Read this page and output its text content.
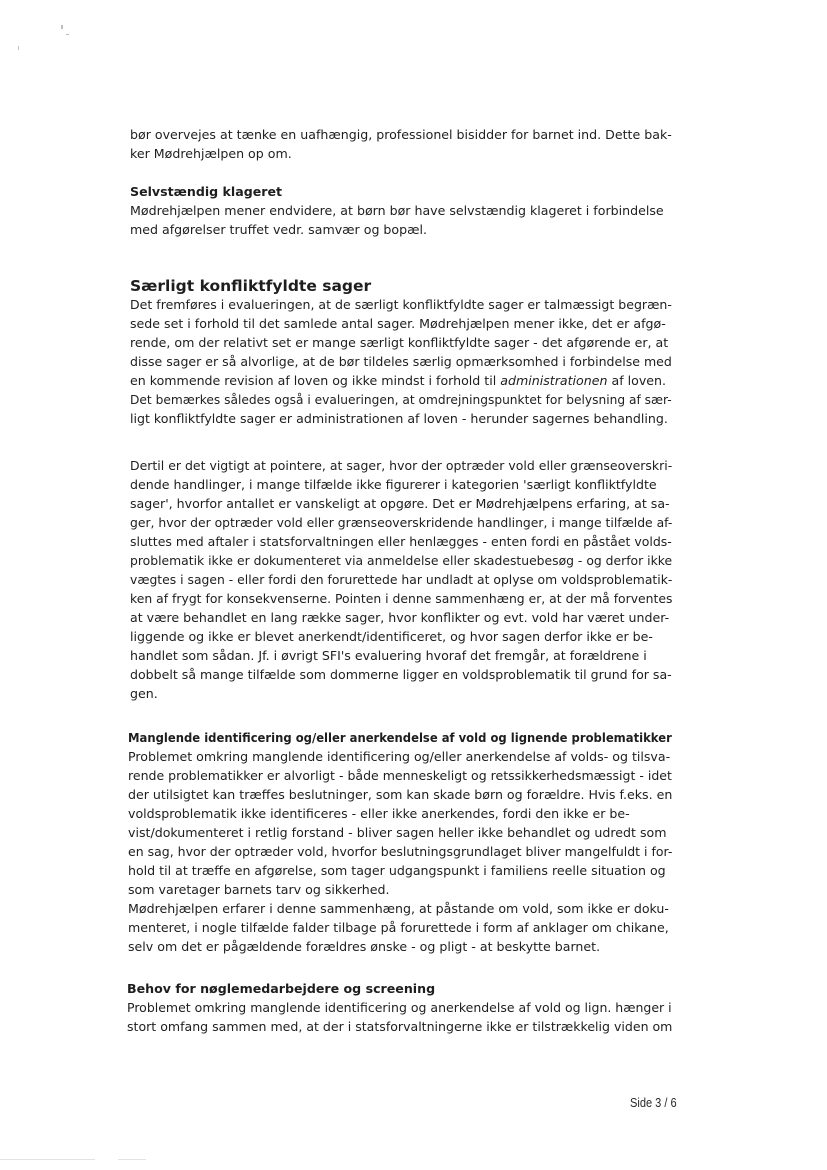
bør overvejes at tænke en uafhængig, professionel bisidder for barnet ind. Dette bak-
ker Mødrehjælpen op om.
Selvstændig klageret
Mødrehjælpen mener endvidere, at børn bør have selvstændig klageret i forbindelse
med afgørelser truffet vedr. samvær og bopæl.
Særligt konfliktfyldte sager
Det fremføres i evalueringen, at de særligt konfliktfyldte sager er talmæssigt begræn-
sede set i forhold til det samlede antal sager. Mødrehjælpen mener ikke, det er afgø-
rende, om der relativt set er mange særligt konfliktfyldte sager - det afgørende er, at
disse sager er så alvorlige, at de bør tildeles særlig opmærksomhed i forbindelse med
en kommende revision af loven og ikke mindst i forhold til administrationen af loven.
Det bemærkes således også i evalueringen, at omdrejningspunktet for belysning af sær-
ligt konfliktfyldte sager er administrationen af loven - herunder sagernes behandling.
Dertil er det vigtigt at pointere, at sager, hvor der optræder vold eller grænseoverskri-
dende handlinger, i mange tilfælde ikke figurerer i kategorien 'særligt konfliktfyldte
sager', hvorfor antallet er vanskeligt at opgøre. Det er Mødrehjælpens erfaring, at sa-
ger, hvor der optræder vold eller grænseoverskridende handlinger, i mange tilfælde af-
sluttes med aftaler i statsforvaltningen eller henlægges - enten fordi en påstået volds-
problematik ikke er dokumenteret via anmeldelse eller skadestuebesøg - og derfor ikke
vægtes i sagen - eller fordi den forurettede har undladt at oplyse om voldsproblematik-
ken af frygt for konsekvenserne. Pointen i denne sammenhæng er, at der må forventes
at være behandlet en lang række sager, hvor konflikter og evt. vold har været under-
liggende og ikke er blevet anerkendt/identificeret, og hvor sagen derfor ikke er be-
handlet som sådan. Jf. i øvrigt SFI's evaluering hvoraf det fremgår, at forældrene i
dobbelt så mange tilfælde som dommerne ligger en voldsproblematik til grund for sa-
gen.
Manglende identificering og/eller anerkendelse af vold og lignende problematikker
Problemet omkring manglende identificering og/eller anerkendelse af volds- og tilsva-
rende problematikker er alvorligt - både menneskeligt og retssikkerhedsmæssigt - idet
der utilsigtet kan træffes beslutninger, som kan skade børn og forældre. Hvis f.eks. en
voldsproblematik ikke identificeres - eller ikke anerkendes, fordi den ikke er be-
vist/dokumenteret i retlig forstand - bliver sagen heller ikke behandlet og udredt som
en sag, hvor der optræder vold, hvorfor beslutningsgrundlaget bliver mangelfuldt i for-
hold til at træffe en afgørelse, som tager udgangspunkt i familiens reelle situation og
som varetager barnets tarv og sikkerhed.
Mødrehjælpen erfarer i denne sammenhæng, at påstande om vold, som ikke er doku-
menteret, i nogle tilfælde falder tilbage på forurettede i form af anklager om chikane,
selv om det er pågældende forældres ønske - og pligt - at beskytte barnet.
Behov for nøglemedarbejdere og screening
Problemet omkring manglende identificering og anerkendelse af vold og lign. hænger i
stort omfang sammen med, at der i statsforvaltningerne ikke er tilstrækkelig viden om
Side 3 / 6
